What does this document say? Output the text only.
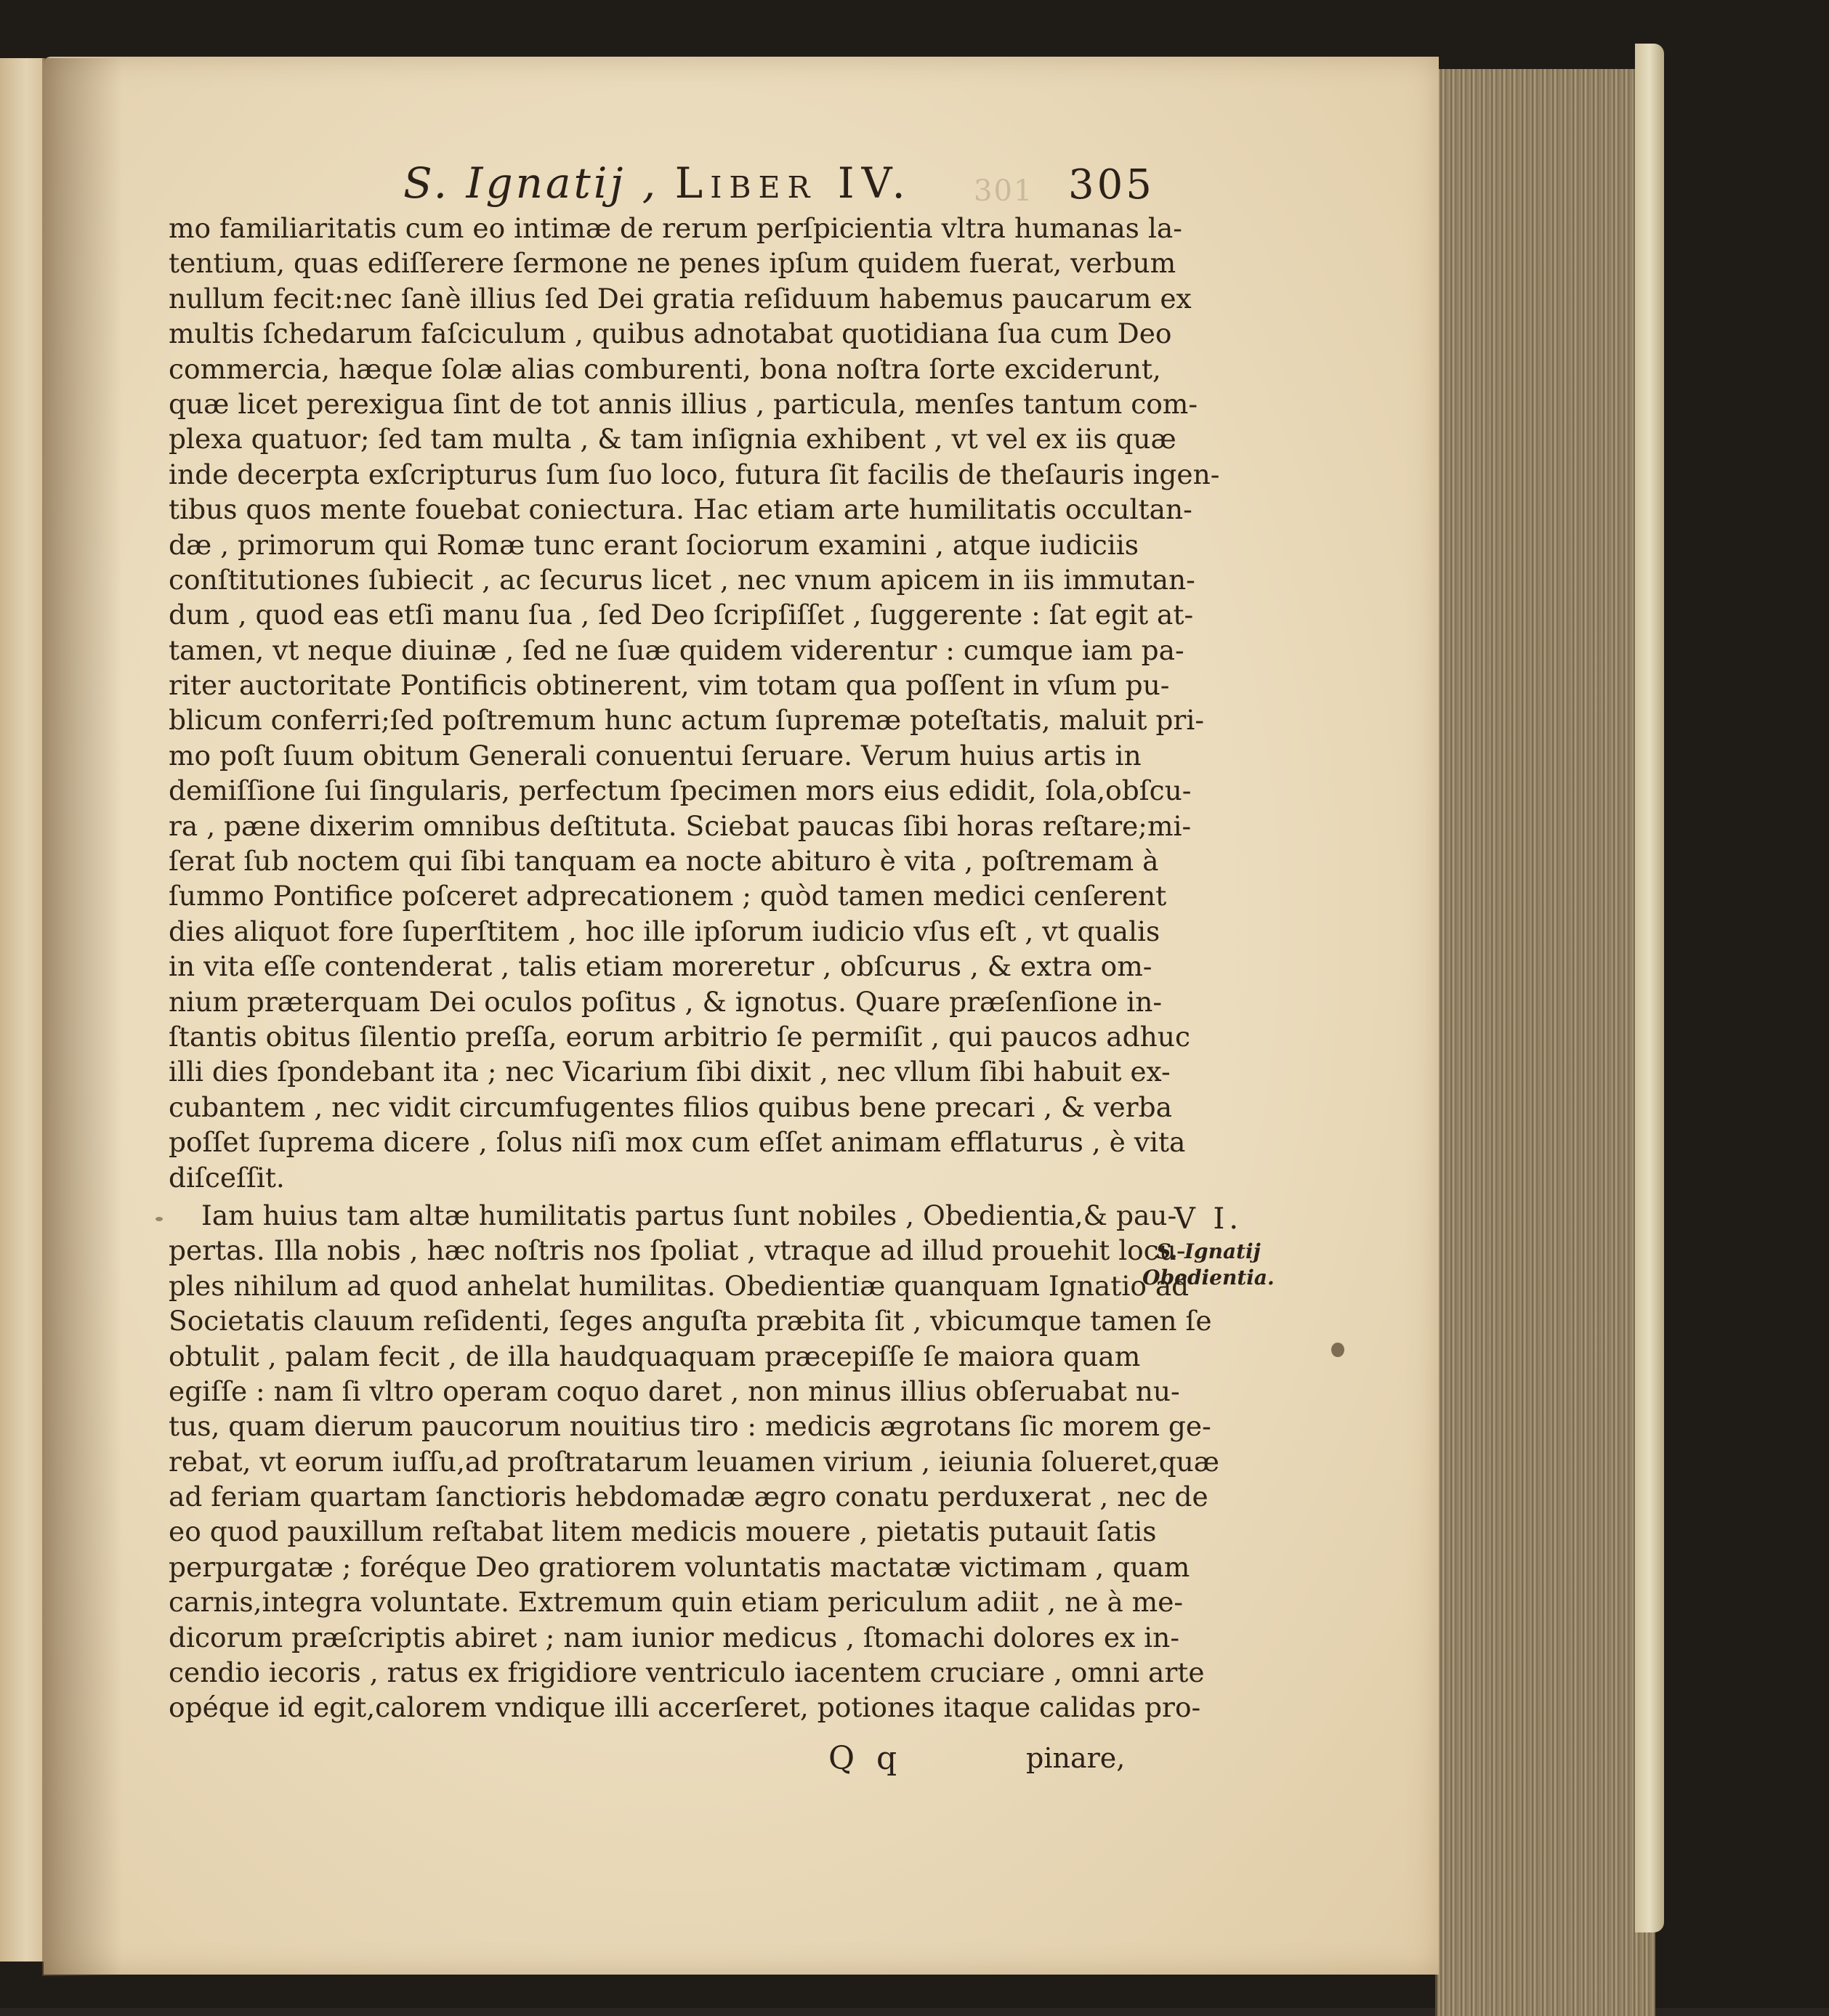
S. Ignatij , Liber IV. 301 305
mo familiaritatis cum eo intimæ de rerum perſpicientia vltra humanas la-
tentium, quas ediſſerere ſermone ne penes ipſum quidem fuerat, verbum
nullum fecit:nec ſanè illius ſed Dei gratia reſiduum habemus paucarum ex
multis ſchedarum faſciculum , quibus adnotabat quotidiana ſua cum Deo
commercia, hæque ſolæ alias comburenti, bona noſtra ſorte exciderunt,
quæ licet perexigua ſint de tot annis illius , particula, menſes tantum com-
plexa quatuor; ſed tam multa , & tam inſignia exhibent , vt vel ex iis quæ
inde decerpta exſcripturus ſum ſuo loco, futura ſit facilis de theſauris ingen-
tibus quos mente fouebat coniectura. Hac etiam arte humilitatis occultan-
dæ , primorum qui Romæ tunc erant ſociorum examini , atque iudiciis
conſtitutiones ſubiecit , ac ſecurus licet , nec vnum apicem in iis immutan-
dum , quod eas etſi manu ſua , ſed Deo ſcripſiſſet , ſuggerente : ſat egit at-
tamen, vt neque diuinæ , ſed ne ſuæ quidem viderentur : cumque iam pa-
riter auctoritate Pontificis obtinerent, vim totam qua poſſent in vſum pu-
blicum conferri;ſed poſtremum hunc actum ſupremæ poteſtatis, maluit pri-
mo poſt ſuum obitum Generali conuentui ſeruare. Verum huius artis in
demiſſione ſui ſingularis, perfectum ſpecimen mors eius edidit, ſola,obſcu-
ra , pæne dixerim omnibus deſtituta. Sciebat paucas ſibi horas reſtare;mi-
ſerat ſub noctem qui ſibi tanquam ea nocte abituro è vita , poſtremam à
ſummo Pontifice poſceret adprecationem ; quòd tamen medici cenſerent
dies aliquot fore ſuperſtitem , hoc ille ipſorum iudicio vſus eſt , vt qualis
in vita eſſe contenderat , talis etiam moreretur , obſcurus , & extra om-
nium præterquam Dei oculos poſitus , & ignotus. Quare præſenſione in-
ſtantis obitus ſilentio preſſa, eorum arbitrio ſe permiſit , qui paucos adhuc
illi dies ſpondebant ita ; nec Vicarium ſibi dixit , nec vllum ſibi habuit ex-
cubantem , nec vidit circumfugentes filios quibus bene precari , & verba
poſſet ſuprema dicere , ſolus niſi mox cum eſſet animam efflaturus , è vita
diſceſſit.
Iam huius tam altæ humilitatis partus ſunt nobiles , Obedientia,& pau-
pertas. Illa nobis , hæc noſtris nos ſpoliat , vtraque ad illud prouehit locu-
ples nihilum ad quod anhelat humilitas. Obedientiæ quanquam Ignatio ad
Societatis clauum reſidenti, ſeges anguſta præbita ſit , vbicumque tamen ſe
obtulit , palam fecit , de illa haudquaquam præcepiſſe ſe maiora quam
egiſſe : nam ſi vltro operam coquo daret , non minus illius obſeruabat nu-
tus, quam dierum paucorum nouitius tiro : medicis ægrotans ſic morem ge-
rebat, vt eorum iuſſu,ad proſtratarum leuamen virium , ieiunia ſolueret,quæ
ad feriam quartam ſanctioris hebdomadæ ægro conatu perduxerat , nec de
eo quod pauxillum reſtabat litem medicis mouere , pietatis putauit ſatis
perpurgatæ ; foréque Deo gratiorem voluntatis mactatæ victimam , quam
carnis,integra voluntate. Extremum quin etiam periculum adiit , ne à me-
dicorum præſcriptis abiret ; nam iunior medicus , ſtomachi dolores ex in-
cendio iecoris , ratus ex frigidiore ventriculo iacentem cruciare , omni arte
opéque id egit,calorem vndique illi accerſeret, potiones itaque calidas pro-
V I.
S. Ignatij
Obedientia.
Q q	pinare,
